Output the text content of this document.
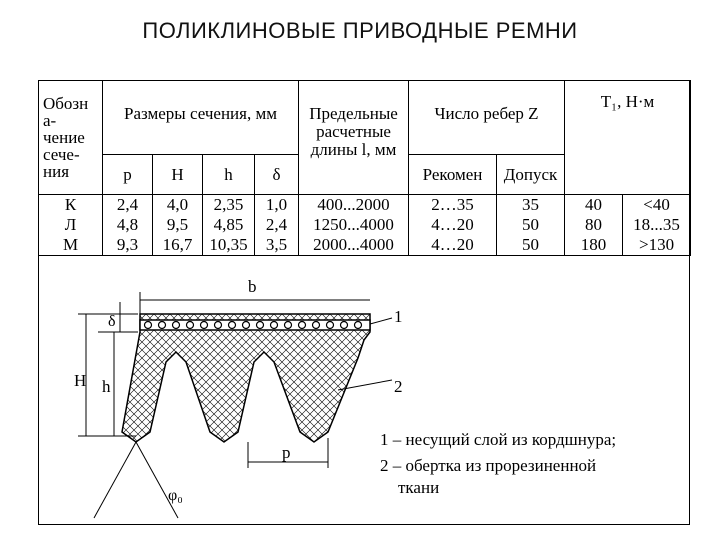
ПОЛИКЛИНОВЫЕ ПРИВОДНЫЕ РЕМНИ
Обозн а- чение сече- ния	Размеры сечения, мм				Предельные расчетные длины l, мм	Число ребер Z		T₁, Н·м	
	p	H	h	δ		Рекомен	Допуск		
К	2,4	4,0	2,35	1,0	400...2000	2…35	35	40	<40
Л	4,8	9,5	4,85	2,4	1250...4000	4…20	50	80	18...35
М	9,3	16,7	10,35	3,5	2000...4000	4…20	50	180	>130
b
1
2
δ
H h
p
φ₀
1 – несущий слой из кордшнура;
2 – обертка из прорезиненной
ткани
